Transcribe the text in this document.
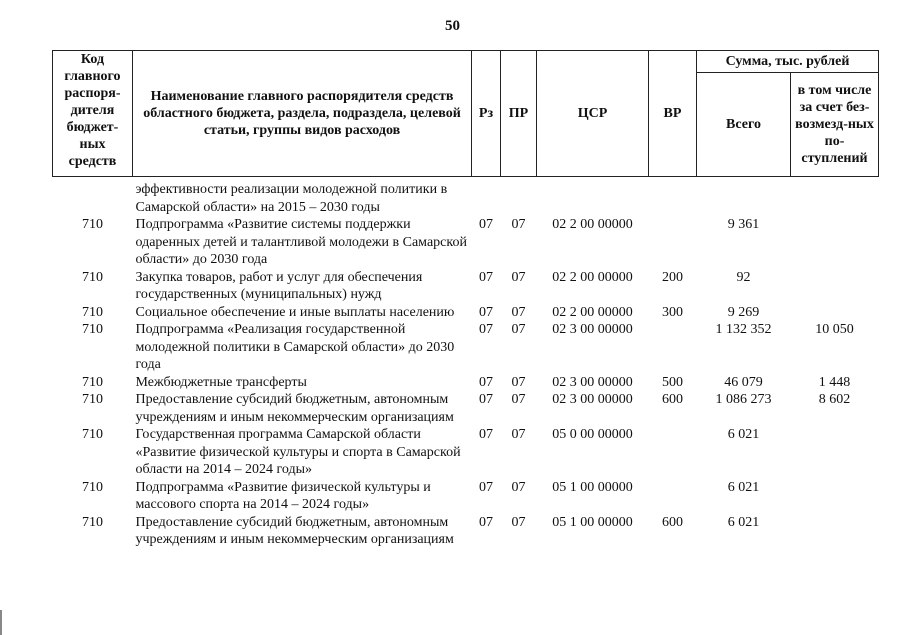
50
Код главного распоря-дителя бюджет-ных средств	Наименование главного распорядителя средств областного бюджета, раздела, подраздела, целевой статьи, группы видов расходов	Рз	ПР	ЦСР	ВР	Сумма, тыс. рублей	
						Всего	в том числе за счет без-возмезд-ных по-ступлений
	эффективности реализации молодежной политики в Самарской области» на 2015 – 2030 годы						
710	Подпрограмма «Развитие системы поддержки одаренных детей и талантливой молодежи в Самарской области» до 2030 года	07	07	02 2 00 00000		9 361	
710	Закупка товаров, работ и услуг для обеспечения государственных (муниципальных) нужд	07	07	02 2 00 00000	200	92	
710	Социальное обеспечение и иные выплаты населению	07	07	02 2 00 00000	300	9 269	
710	Подпрограмма «Реализация государственной молодежной политики в Самарской области» до 2030 года	07	07	02 3 00 00000		1 132 352	10 050
710	Межбюджетные трансферты	07	07	02 3 00 00000	500	46 079	1 448
710	Предоставление субсидий бюджетным, автономным учреждениям и иным некоммерческим организациям	07	07	02 3 00 00000	600	1 086 273	8 602
710	Государственная программа Самарской области «Развитие физической культуры и спорта в Самарской области на 2014 – 2024 годы»	07	07	05 0 00 00000		6 021	
710	Подпрограмма «Развитие физической культуры и массового спорта на 2014 – 2024 годы»	07	07	05 1 00 00000		6 021	
710	Предоставление субсидий бюджетным, автономным учреждениям и иным некоммерческим организациям	07	07	05 1 00 00000	600	6 021	
